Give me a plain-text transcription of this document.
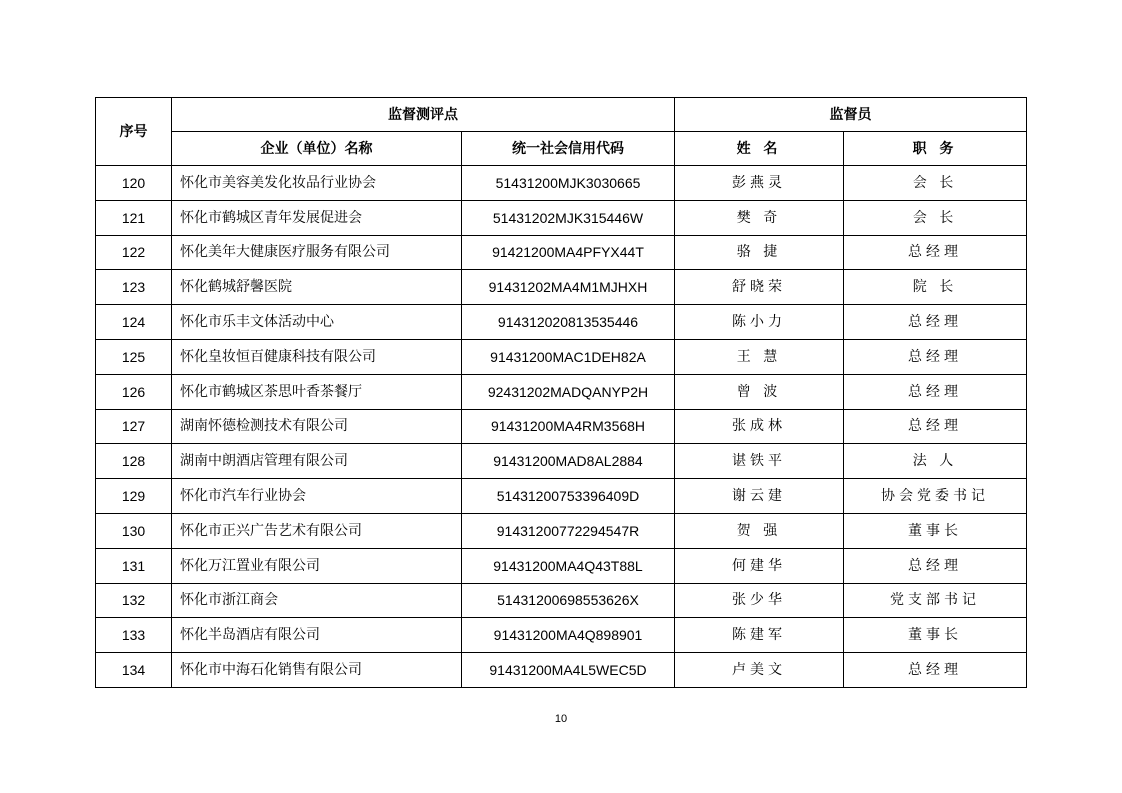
序号	监督测评点		监督员	
	企业（单位）名称	统一社会信用代码	姓 名	职 务
120	怀化市美容美发化妆品行业协会	51431200MJK3030665	彭燕灵	会 长
121	怀化市鹤城区青年发展促进会	51431202MJK315446W	樊 奇	会 长
122	怀化美年大健康医疗服务有限公司	91421200MA4PFYX44T	骆 捷	总经理
123	怀化鹤城舒馨医院	91431202MA4M1MJHXH	舒晓荣	院 长
124	怀化市乐丰文体活动中心	914312020813535446	陈小力	总经理
125	怀化皇妆恒百健康科技有限公司	91431200MAC1DEH82A	王 慧	总经理
126	怀化市鹤城区茶思叶香茶餐厅	92431202MADQANYP2H	曾 波	总经理
127	湖南怀德检测技术有限公司	91431200MA4RM3568H	张成林	总经理
128	湖南中朗酒店管理有限公司	91431200MAD8AL2884	谌铁平	法 人
129	怀化市汽车行业协会	51431200753396409D	谢云建	协会党委书记
130	怀化市正兴广告艺术有限公司	91431200772294547R	贺 强	董事长
131	怀化万江置业有限公司	91431200MA4Q43T88L	何建华	总经理
132	怀化市浙江商会	51431200698553626X	张少华	党支部书记
133	怀化半岛酒店有限公司	91431200MA4Q898901	陈建军	董事长
134	怀化市中海石化销售有限公司	91431200MA4L5WEC5D	卢美文	总经理
10
